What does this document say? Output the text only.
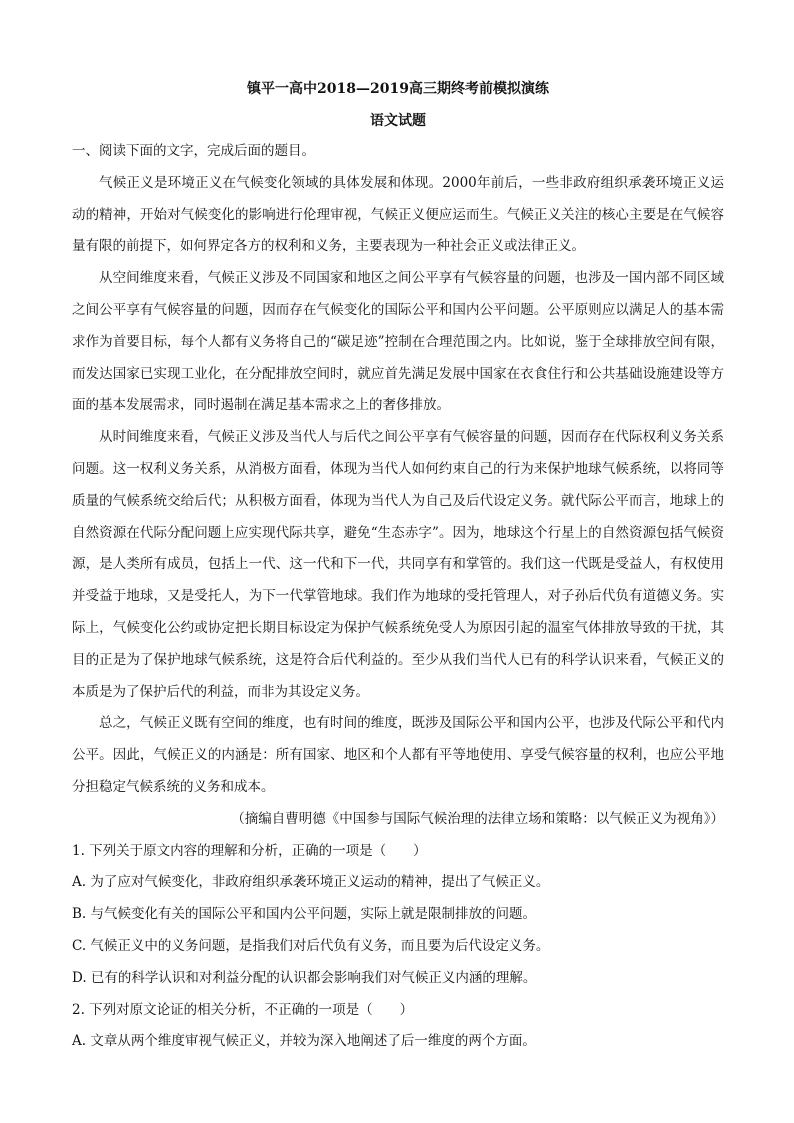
镇平一高中2018—2019高三期终考前模拟演练

语文试题

一、阅读下面的文字，完成后面的题目。

气候正义是环境正义在气候变化领域的具体发展和体现。2000年前后，一些非政府组织承袭环境正义运动的精神，开始对气候变化的影响进行伦理审视，气候正义便应运而生。气候正义关注的核心主要是在气候容量有限的前提下，如何界定各方的权利和义务，主要表现为一种社会正义或法律正义。

从空间维度来看，气候正义涉及不同国家和地区之间公平享有气候容量的问题，也涉及一国内部不同区域之间公平享有气候容量的问题，因而存在气候变化的国际公平和国内公平问题。公平原则应以满足人的基本需求作为首要目标，每个人都有义务将自己的“碳足迹”控制在合理范围之内。比如说，鉴于全球排放空间有限，而发达国家已实现工业化，在分配排放空间时，就应首先满足发展中国家在衣食住行和公共基础设施建设等方面的基本发展需求，同时遏制在满足基本需求之上的奢侈排放。

从时间维度来看，气候正义涉及当代人与后代之间公平享有气候容量的问题，因而存在代际权利义务关系问题。这一权利义务关系，从消极方面看，体现为当代人如何约束自己的行为来保护地球气候系统，以将同等质量的气候系统交给后代；从积极方面看，体现为当代人为自己及后代设定义务。就代际公平而言，地球上的自然资源在代际分配问题上应实现代际共享，避免“生态赤字”。因为，地球这个行星上的自然资源包括气候资源，是人类所有成员，包括上一代、这一代和下一代，共同享有和掌管的。我们这一代既是受益人，有权使用并受益于地球，又是受托人，为下一代掌管地球。我们作为地球的受托管理人，对子孙后代负有道德义务。实际上，气候变化公约或协定把长期目标设定为保护气候系统免受人为原因引起的温室气体排放导致的干扰，其目的正是为了保护地球气候系统，这是符合后代利益的。至少从我们当代人已有的科学认识来看，气候正义的本质是为了保护后代的利益，而非为其设定义务。

总之，气候正义既有空间的维度，也有时间的维度，既涉及国际公平和国内公平，也涉及代际公平和代内公平。因此，气候正义的内涵是：所有国家、地区和个人都有平等地使用、享受气候容量的权利，也应公平地分担稳定气候系统的义务和成本。

（摘编自曹明德《中国参与国际气候治理的法律立场和策略：以气候正义为视角》）

1. 下列关于原文内容的理解和分析，正确的一项是（　　）

A. 为了应对气候变化，非政府组织承袭环境正义运动的精神，提出了气候正义。

B. 与气候变化有关的国际公平和国内公平问题，实际上就是限制排放的问题。

C. 气候正义中的义务问题，是指我们对后代负有义务，而且要为后代设定义务。

D. 已有的科学认识和对利益分配的认识都会影响我们对气候正义内涵的理解。

2. 下列对原文论证的相关分析，不正确的一项是（　　）

A. 文章从两个维度审视气候正义，并较为深入地阐述了后一维度的两个方面。
